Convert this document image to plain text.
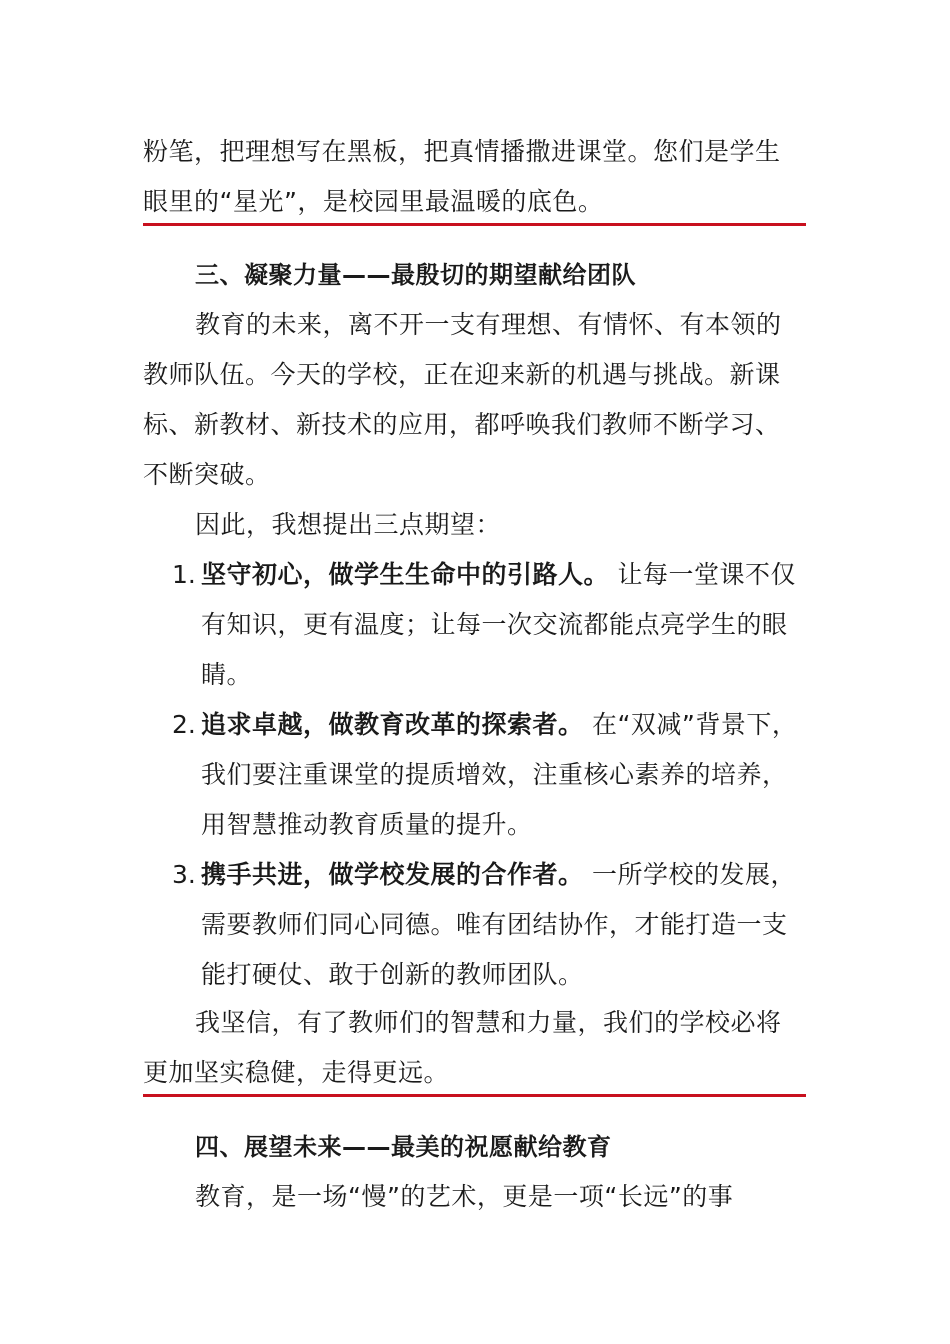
粉笔，把理想写在黑板，把真情播撒进课堂。您们是学生
眼里的“星光”，是校园里最温暖的底色。
三、凝聚力量——最殷切的期望献给团队
教育的未来，离不开一支有理想、有情怀、有本领的
教师队伍。今天的学校，正在迎来新的机遇与挑战。新课
标、新教材、新技术的应用，都呼唤我们教师不断学习、
不断突破。
因此，我想提出三点期望：
1. 坚守初心，做学生生命中的引路人。 让每一堂课不仅
有知识，更有温度；让每一次交流都能点亮学生的眼
睛。
2. 追求卓越，做教育改革的探索者。 在“双减”背景下，
我们要注重课堂的提质增效，注重核心素养的培养，
用智慧推动教育质量的提升。
3. 携手共进，做学校发展的合作者。 一所学校的发展，
需要教师们同心同德。唯有团结协作，才能打造一支
能打硬仗、敢于创新的教师团队。
我坚信，有了教师们的智慧和力量，我们的学校必将
更加坚实稳健，走得更远。
四、展望未来——最美的祝愿献给教育
教育，是一场“慢”的艺术，更是一项“长远”的事
